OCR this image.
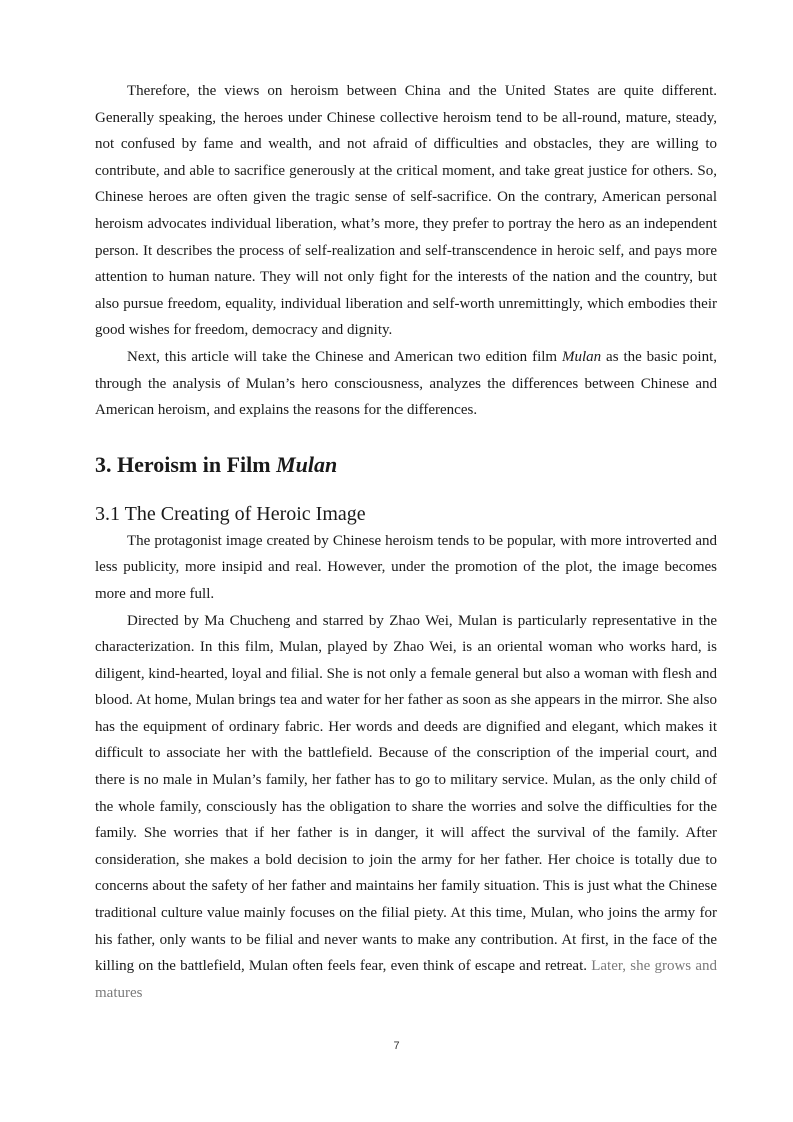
Therefore, the views on heroism between China and the United States are quite different. Generally speaking, the heroes under Chinese collective heroism tend to be all-round, mature, steady, not confused by fame and wealth, and not afraid of difficulties and obstacles, they are willing to contribute, and able to sacrifice generously at the critical moment, and take great justice for others. So, Chinese heroes are often given the tragic sense of self-sacrifice. On the contrary, American personal heroism advocates individual liberation, what’s more, they prefer to portray the hero as an independent person. It describes the process of self-realization and self-transcendence in heroic self, and pays more attention to human nature. They will not only fight for the interests of the nation and the country, but also pursue freedom, equality, individual liberation and self-worth unremittingly, which embodies their good wishes for freedom, democracy and dignity.

Next, this article will take the Chinese and American two edition film Mulan as the basic point, through the analysis of Mulan’s hero consciousness, analyzes the differences between Chinese and American heroism, and explains the reasons for the differences.

3. Heroism in Film Mulan
3.1 The Creating of Heroic Image

The protagonist image created by Chinese heroism tends to be popular, with more introverted and less publicity, more insipid and real. However, under the promotion of the plot, the image becomes more and more full.

Directed by Ma Chucheng and starred by Zhao Wei, Mulan is particularly representative in the characterization. In this film, Mulan, played by Zhao Wei, is an oriental woman who works hard, is diligent, kind-hearted, loyal and filial. She is not only a female general but also a woman with flesh and blood. At home, Mulan brings tea and water for her father as soon as she appears in the mirror. She also has the equipment of ordinary fabric. Her words and deeds are dignified and elegant, which makes it difficult to associate her with the battlefield. Because of the conscription of the imperial court, and there is no male in Mulan’s family, her father has to go to military service. Mulan, as the only child of the whole family, consciously has the obligation to share the worries and solve the difficulties for the family. She worries that if her father is in danger, it will affect the survival of the family. After consideration, she makes a bold decision to join the army for her father. Her choice is totally due to concerns about the safety of her father and maintains her family situation. This is just what the Chinese traditional culture value mainly focuses on the filial piety. At this time, Mulan, who joins the army for his father, only wants to be filial and never wants to make any contribution. At first, in the face of the killing on the battlefield, Mulan often feels fear, even think of escape and retreat. Later, she grows and matures

7
